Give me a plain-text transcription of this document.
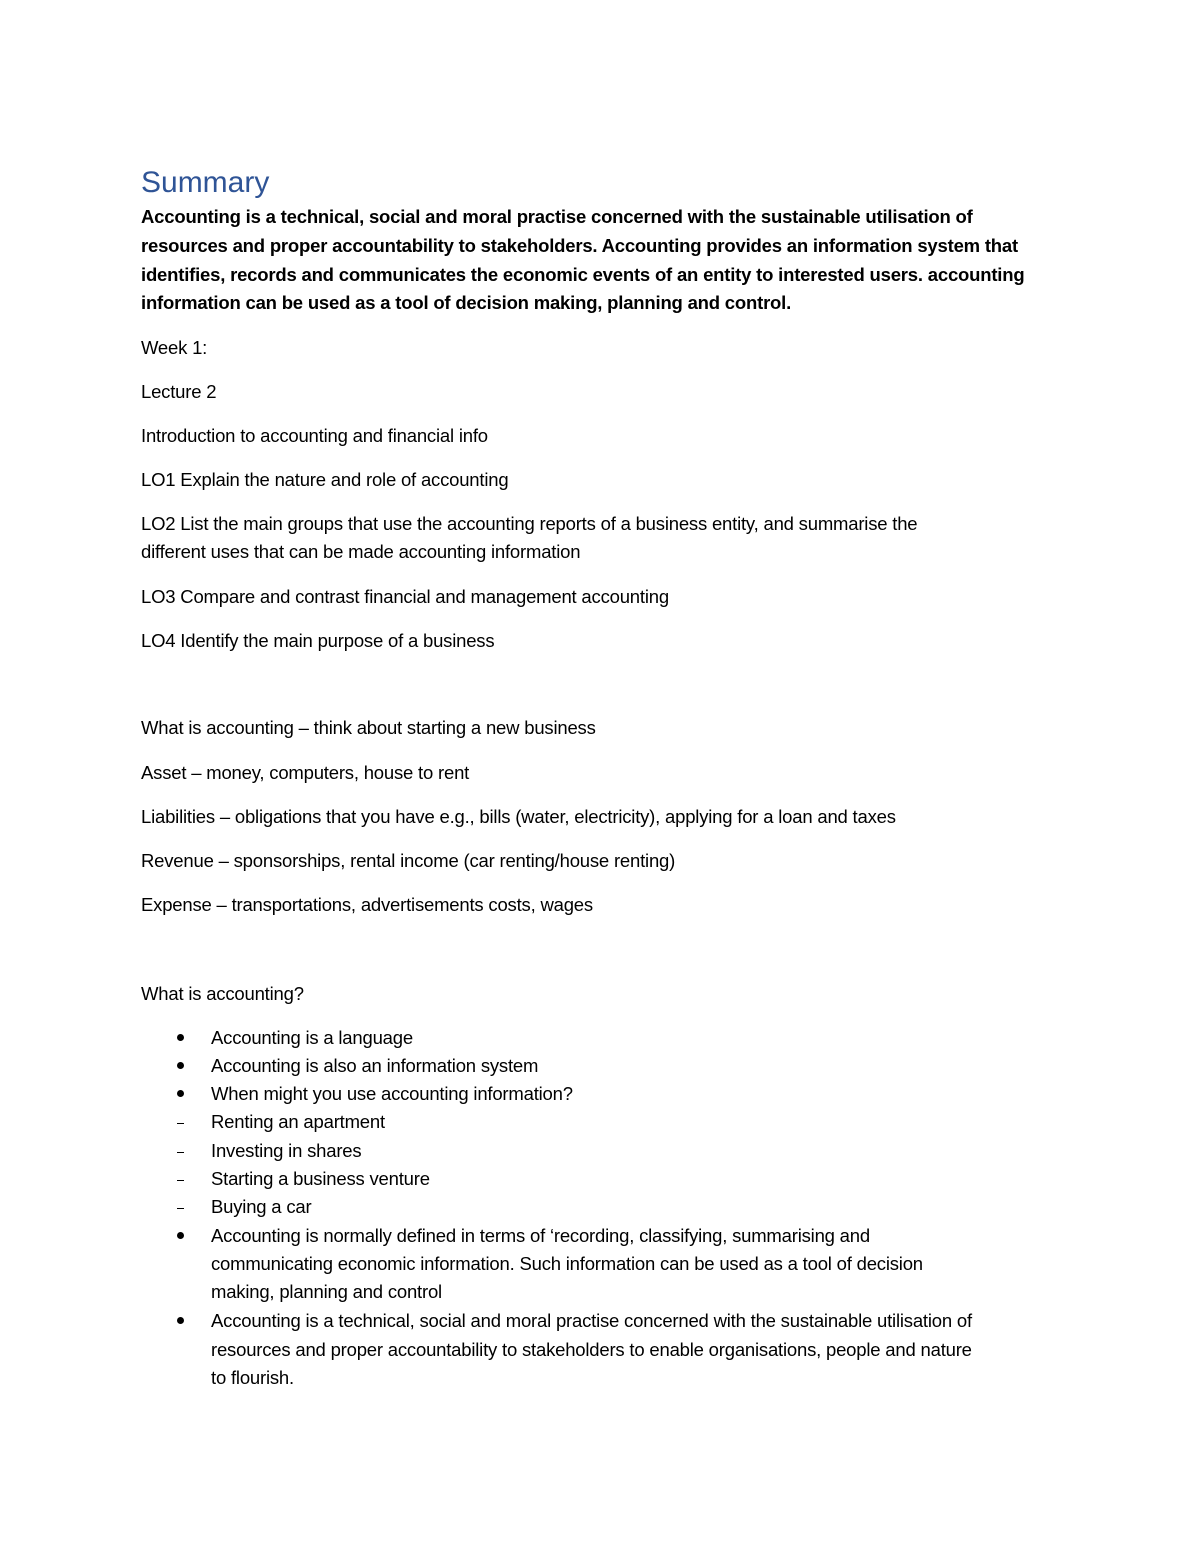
Summary
Accounting is a technical, social and moral practise concerned with the sustainable utilisation of
resources and proper accountability to stakeholders. Accounting provides an information system that
identifies, records and communicates the economic events of an entity to interested users. accounting
information can be used as a tool of decision making, planning and control.
Week 1:
Lecture 2
Introduction to accounting and financial info
LO1 Explain the nature and role of accounting
LO2 List the main groups that use the accounting reports of a business entity, and summarise the
different uses that can be made accounting information
LO3 Compare and contrast financial and management accounting
LO4 Identify the main purpose of a business
What is accounting – think about starting a new business
Asset – money, computers, house to rent
Liabilities – obligations that you have e.g., bills (water, electricity), applying for a loan and taxes
Revenue – sponsorships, rental income (car renting/house renting)
Expense – transportations, advertisements costs, wages
What is accounting?
Accounting is a language
Accounting is also an information system
When might you use accounting information?
Renting an apartment
Investing in shares
Starting a business venture
Buying a car
Accounting is normally defined in terms of ‘recording, classifying, summarising and
communicating economic information. Such information can be used as a tool of decision
making, planning and control
Accounting is a technical, social and moral practise concerned with the sustainable utilisation of
resources and proper accountability to stakeholders to enable organisations, people and nature
to flourish.
